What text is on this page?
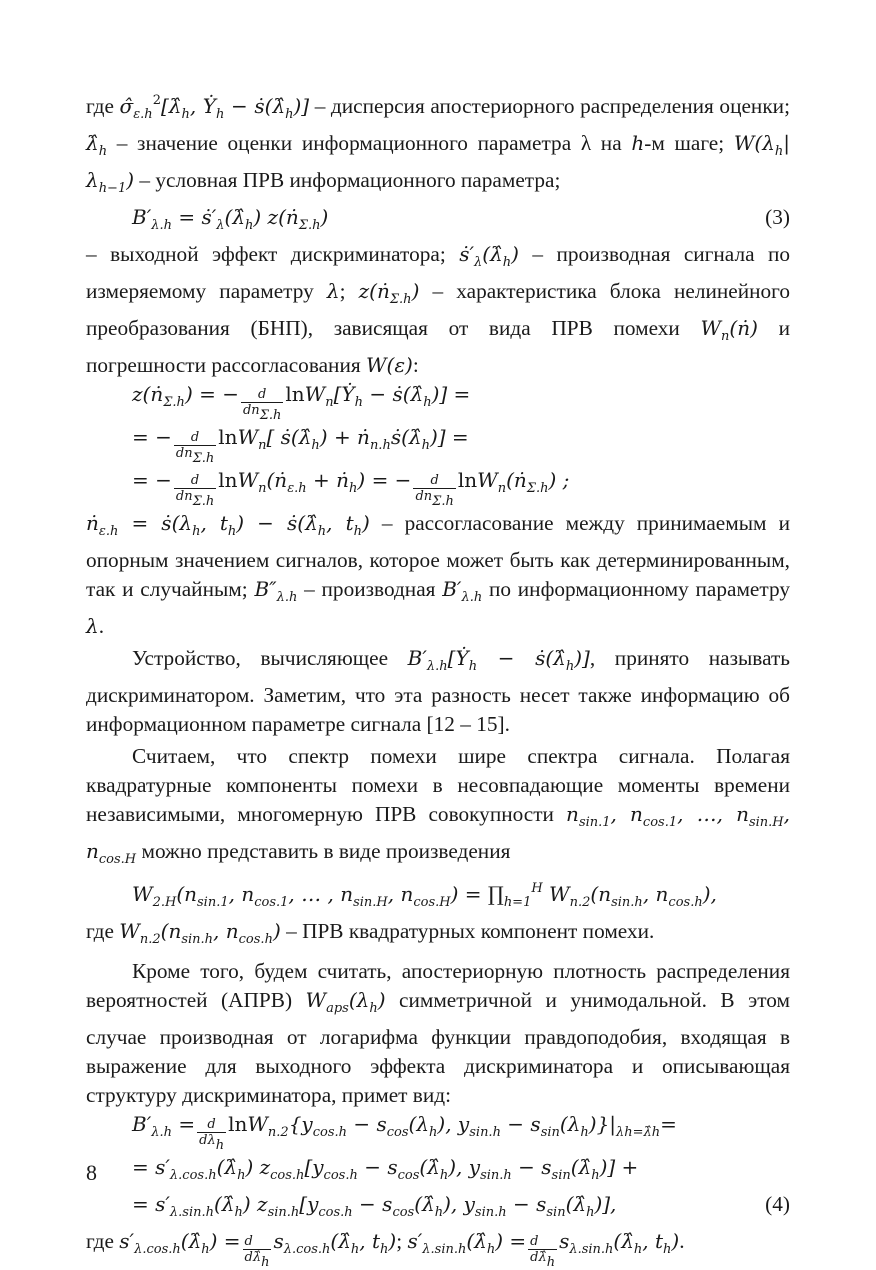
где $\sigmâ_{\varepsilon.h}^2[\lambdâ_h$, Ẏ$_h$ − $ṡ(\lambdâ_h)$] – дисперсия апостериорного распределения оценки; $\lambdâ_h$ – значение оценки информационного параметра λ на h-м шаге; $W(\lambda_h|\lambda_{h-1})$ – условная ПРВ информационного параметра;

$B'_{\lambda.h}$ = $ṡ'_\lambda(\lambdâ_h)$ z(ṅ$_{\Sigma.h}$)	(3)

– выходной эффект дискриминатора; $ṡ'_\lambda(\lambdâ_h)$ – производная сигнала по измеряемому параметру λ; z(ṅ$_{\Sigma.h}$) – характеристика блока нелинейного преобразования (БНП), зависящая от вида ПРВ помехи $W_n(ṅ)$ и погрешности рассогласования W(ε):

z(ṅ$_{\Sigma.h}$) = − $\frac{d}{\text{dnΣ.h}}$ lnW$_n$[Ẏ$_h$ − $ṡ(\lambdâ_h)$] =
= − $\frac{d}{\text{dnΣ.h}} \ln W_n$[ $ṡ(\lambdâ_h)$ + $ṅ_{n.h}ṡ(\lambdâ_h)$] =
= − $\frac{d}{\text{dnΣ.h}}$ lnW$_n$(ṅ$_{\varepsilon.h}$ + ṅ$_h$) = − $\frac{d}{\text{dnΣ.h}}$ lnW$_n$(ṅ$_{\Sigma.h}$) ;

ṅ$_{\varepsilon.h}$ = $ṡ(\lambda_h$, $t_h$) − $ṡ(\lambdâ_h$, $t_h$) – рассогласование между принимаемым и опорным значением сигналов, которое может быть как детерминированным, так и случайным; $B''_{\lambda.h}$ – производная $B'_{\lambda.h}$ по информационному параметру λ.

Устройство, вычисляющее $B'_{\lambda.h}[Ẏ_h$ − $ṡ(\lambdâ_h)$], принято называть дискриминатором. Заметим, что эта разность несет также информацию об информационном параметре сигнала [12 – 15].

Считаем, что спектр помехи шире спектра сигнала. Полагая квадратурные компоненты помехи в несовпадающие моменты времени независимыми, многомерную ПРВ совокупности $n_{sin.1}$, $n_{cos.1}$, …, $n_{sin.H}$, $n_{cos.H}$ можно представить в виде произведения

$W_{2.H}(n_{sin.1}$, $n_{cos.1}$, … , $n_{sin.H}$, $n_{cos.H}$) = $\prod_{h=1}^H$ $W_{n.2}(n_{sin.h}$, $n_{cos.h}$),

где $W_{n.2}(n_{sin.h}$, $n_{cos.h}$) – ПРВ квадратурных компонент помехи.

Кроме того, будем считать, апостериорную плотность распределения вероятностей (АПРВ) $W_{aps}(\lambda_h)$ симметричной и унимодальной. В этом случае производная от логарифма функции правдоподобия, входящая в выражение для выходного эффекта дискриминатора и описывающая структуру дискриминатора, примет вид:

$B'_{\lambda.h} = \frac{d}{\text{dλh}} \ln W_{n.2}\{y_{cos.h} - s_{cos}(\lambda_h)$, $y_{sin.h} - s_{sin}(\lambda_h)\}|_{\lambda h=\lambdâh}=$
= $s'_{\lambda.cos.h}(\lambdâ_h) z_{cos.h}[y_{cos.h}$ − $s_{cos}(\lambdâ_h)$, $y_{sin.h}$ − $s_{sin}(\lambdâ_h)$] +
= $s'_{\lambda.sin.h}(\lambdâ_h) z_{sin.h}[y_{cos.h}$ − $s_{cos}(\lambdâ_h)$, $y_{sin.h}$ − $s_{sin}(\lambdâ_h)$],	(4)

где $s'_{\lambda.cos.h}(\lambdâ_h) = \frac{d}{d\lambdâh}$ $s_{\lambda.cos.h}(\lambdâ_h$, $t_h$); $s'_{\lambda.sin.h}(\lambdâ_h) = \frac{d}{d\lambdâh}$ $s_{\lambda.sin.h}(\lambdâ_h$, $t_h$).

8
